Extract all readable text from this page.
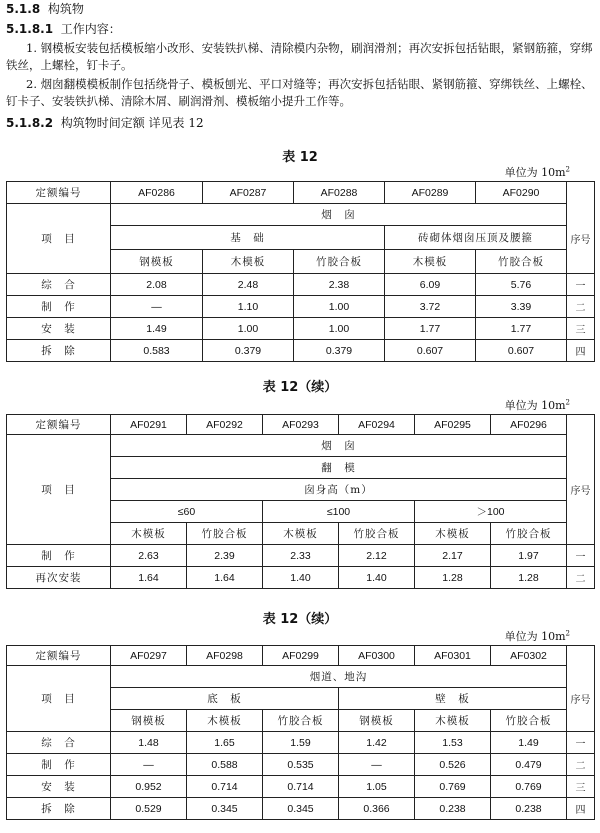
5.1.8 构筑物
5.1.8.1 工作内容：
1. 钢模板安装包括模板缩小改形、安装铁扒梯、清除模内杂物，刷润滑剂；再次安拆包括钻眼，紧钢筋箍，穿绑铁丝，上螺栓，钉卡子。
2. 烟囱翻模模板制作包括绕骨子、模板刨光、平口对缝等；再次安拆包括钻眼、紧钢筋箍、穿绑铁丝、上螺栓、钉卡子、安装铁扒梯、清除木屑、刷润滑剂、模板缩小提升工作等。
5.1.8.2 构筑物时间定额 详见表 12
表 12
单位为 $10m^2$
定额编号	AF0286	AF0287	AF0288	AF0289	AF0290	
项　目	烟　囱					序号
	基　础			砖砌体烟囱压顶及腰箍		
	钢模板	木模板	竹胶合板	木模板	竹胶合板	
综　合	2.08	2.48	2.38	6.09	5.76	一
制　作	—	1.10	1.00	3.72	3.39	二
安　装	1.49	1.00	1.00	1.77	1.77	三
拆　除	0.583	0.379	0.379	0.607	0.607	四
表 12（续）
单位为 $10m^2$
定额编号	AF0291	AF0292	AF0293	AF0294	AF0295	AF0296	
项　目	烟　囱						序号
	翻　模						
	囱身高（m）						
	≤60		≤100		＞100		
	木模板	竹胶合板	木模板	竹胶合板	木模板	竹胶合板	
制　作	2.63	2.39	2.33	2.12	2.17	1.97	一
再次安装	1.64	1.64	1.40	1.40	1.28	1.28	二
表 12（续）
单位为 $10m^2$
定额编号	AF0297	AF0298	AF0299	AF0300	AF0301	AF0302	
项　目	烟道、地沟						序号
	底　板			壁　板			
	钢模板	木模板	竹胶合板	钢模板	木模板	竹胶合板	
综　合	1.48	1.65	1.59	1.42	1.53	1.49	一
制　作	—	0.588	0.535	—	0.526	0.479	二
安　装	0.952	0.714	0.714	1.05	0.769	0.769	三
拆　除	0.529	0.345	0.345	0.366	0.238	0.238	四
